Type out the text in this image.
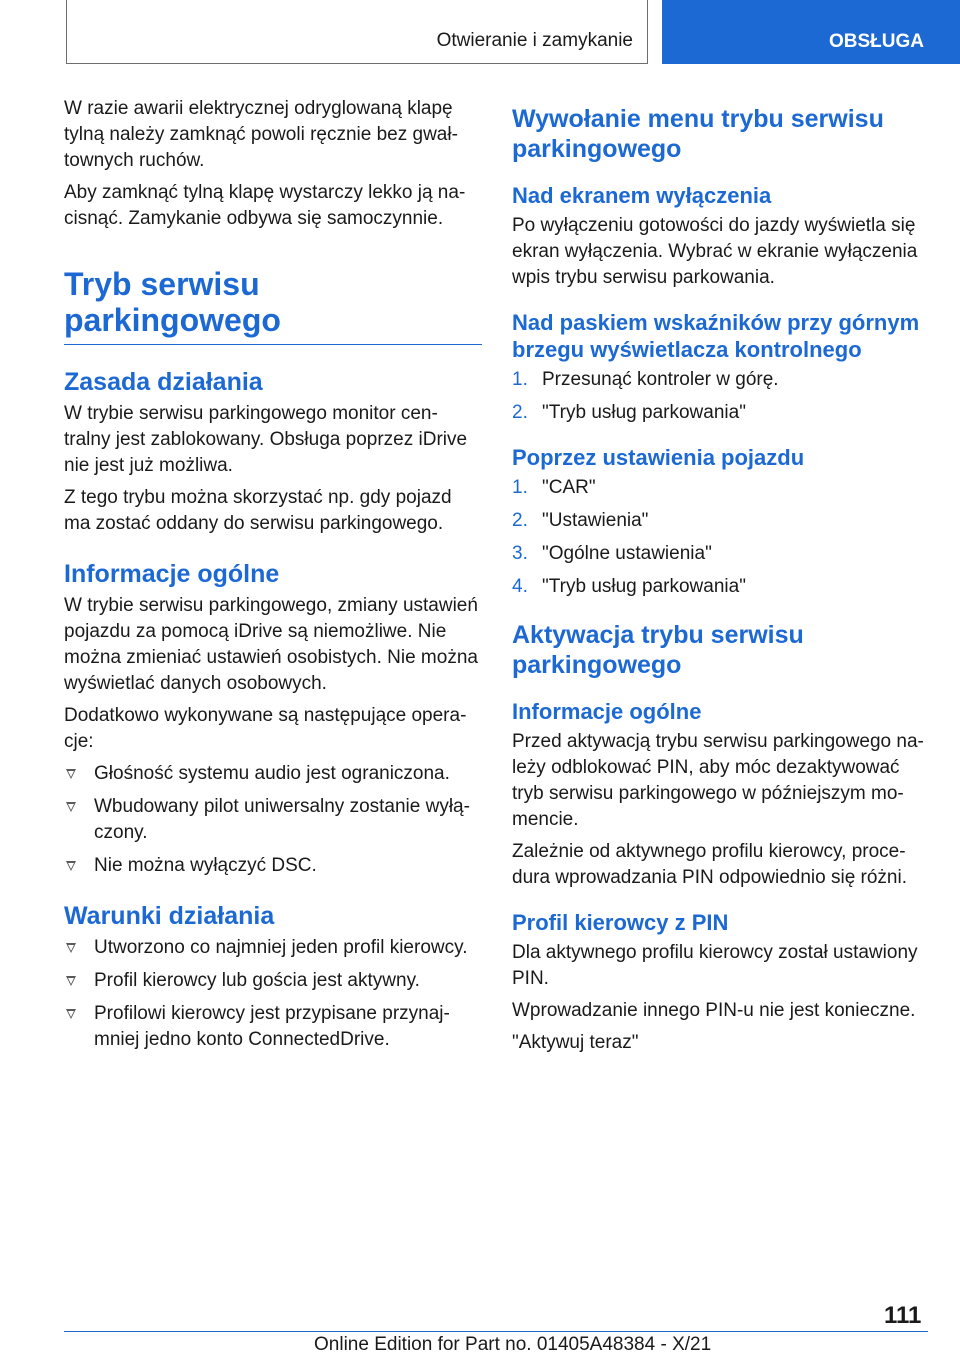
Otwieranie i zamykanie	OBSŁUGA

W razie awarii elektrycznej odryglowaną klapę tylną należy zamknąć powoli ręcznie bez gwał-townych ruchów.

Aby zamknąć tylną klapę wystarczy lekko ją na-cisnąć. Zamykanie odbywa się samoczynnie.

Tryb serwisu parkingowego
Zasada działania

W trybie serwisu parkingowego monitor cen-tralny jest zablokowany. Obsługa poprzez iDrive nie jest już możliwa.

Z tego trybu można skorzystać np. gdy pojazd ma zostać oddany do serwisu parkingowego.

Informacje ogólne

W trybie serwisu parkingowego, zmiany ustawień pojazdu za pomocą iDrive są niemożliwe. Nie można zmieniać ustawień osobistych. Nie można wyświetlać danych osobowych.

Dodatkowo wykonywane są następujące opera-cje:

Głośność systemu audio jest ograniczona.
Wbudowany pilot uniwersalny zostanie wyłą-czony.
Nie można wyłączyć DSC.
Warunki działania
Utworzono co najmniej jeden profil kierowcy.
Profil kierowcy lub gościa jest aktywny.
Profilowi kierowcy jest przypisane przynaj-mniej jedno konto ConnectedDrive.
Wywołanie menu trybu serwisu parkingowego
Nad ekranem wyłączenia

Po wyłączeniu gotowości do jazdy wyświetla się ekran wyłączenia. Wybrać w ekranie wyłączenia wpis trybu serwisu parkowania.

Nad paskiem wskaźników przy górnym brzegu wyświetlacza kontrolnego
1. Przesunąć kontroler w górę.
2. "Tryb usług parkowania"
Poprzez ustawienia pojazdu
1. "CAR"
2. "Ustawienia"
3. "Ogólne ustawienia"
4. "Tryb usług parkowania"
Aktywacja trybu serwisu parkingowego
Informacje ogólne

Przed aktywacją trybu serwisu parkingowego na-leży odblokować PIN, aby móc dezaktywować tryb serwisu parkingowego w późniejszym mo-mencie.

Zależnie od aktywnego profilu kierowcy, proce-dura wprowadzania PIN odpowiednio się różni.

Profil kierowcy z PIN

Dla aktywnego profilu kierowcy został ustawiony PIN.

Wprowadzanie innego PIN-u nie jest konieczne.

"Aktywuj teraz"

111
Online Edition for Part no. 01405A48384 - X/21
